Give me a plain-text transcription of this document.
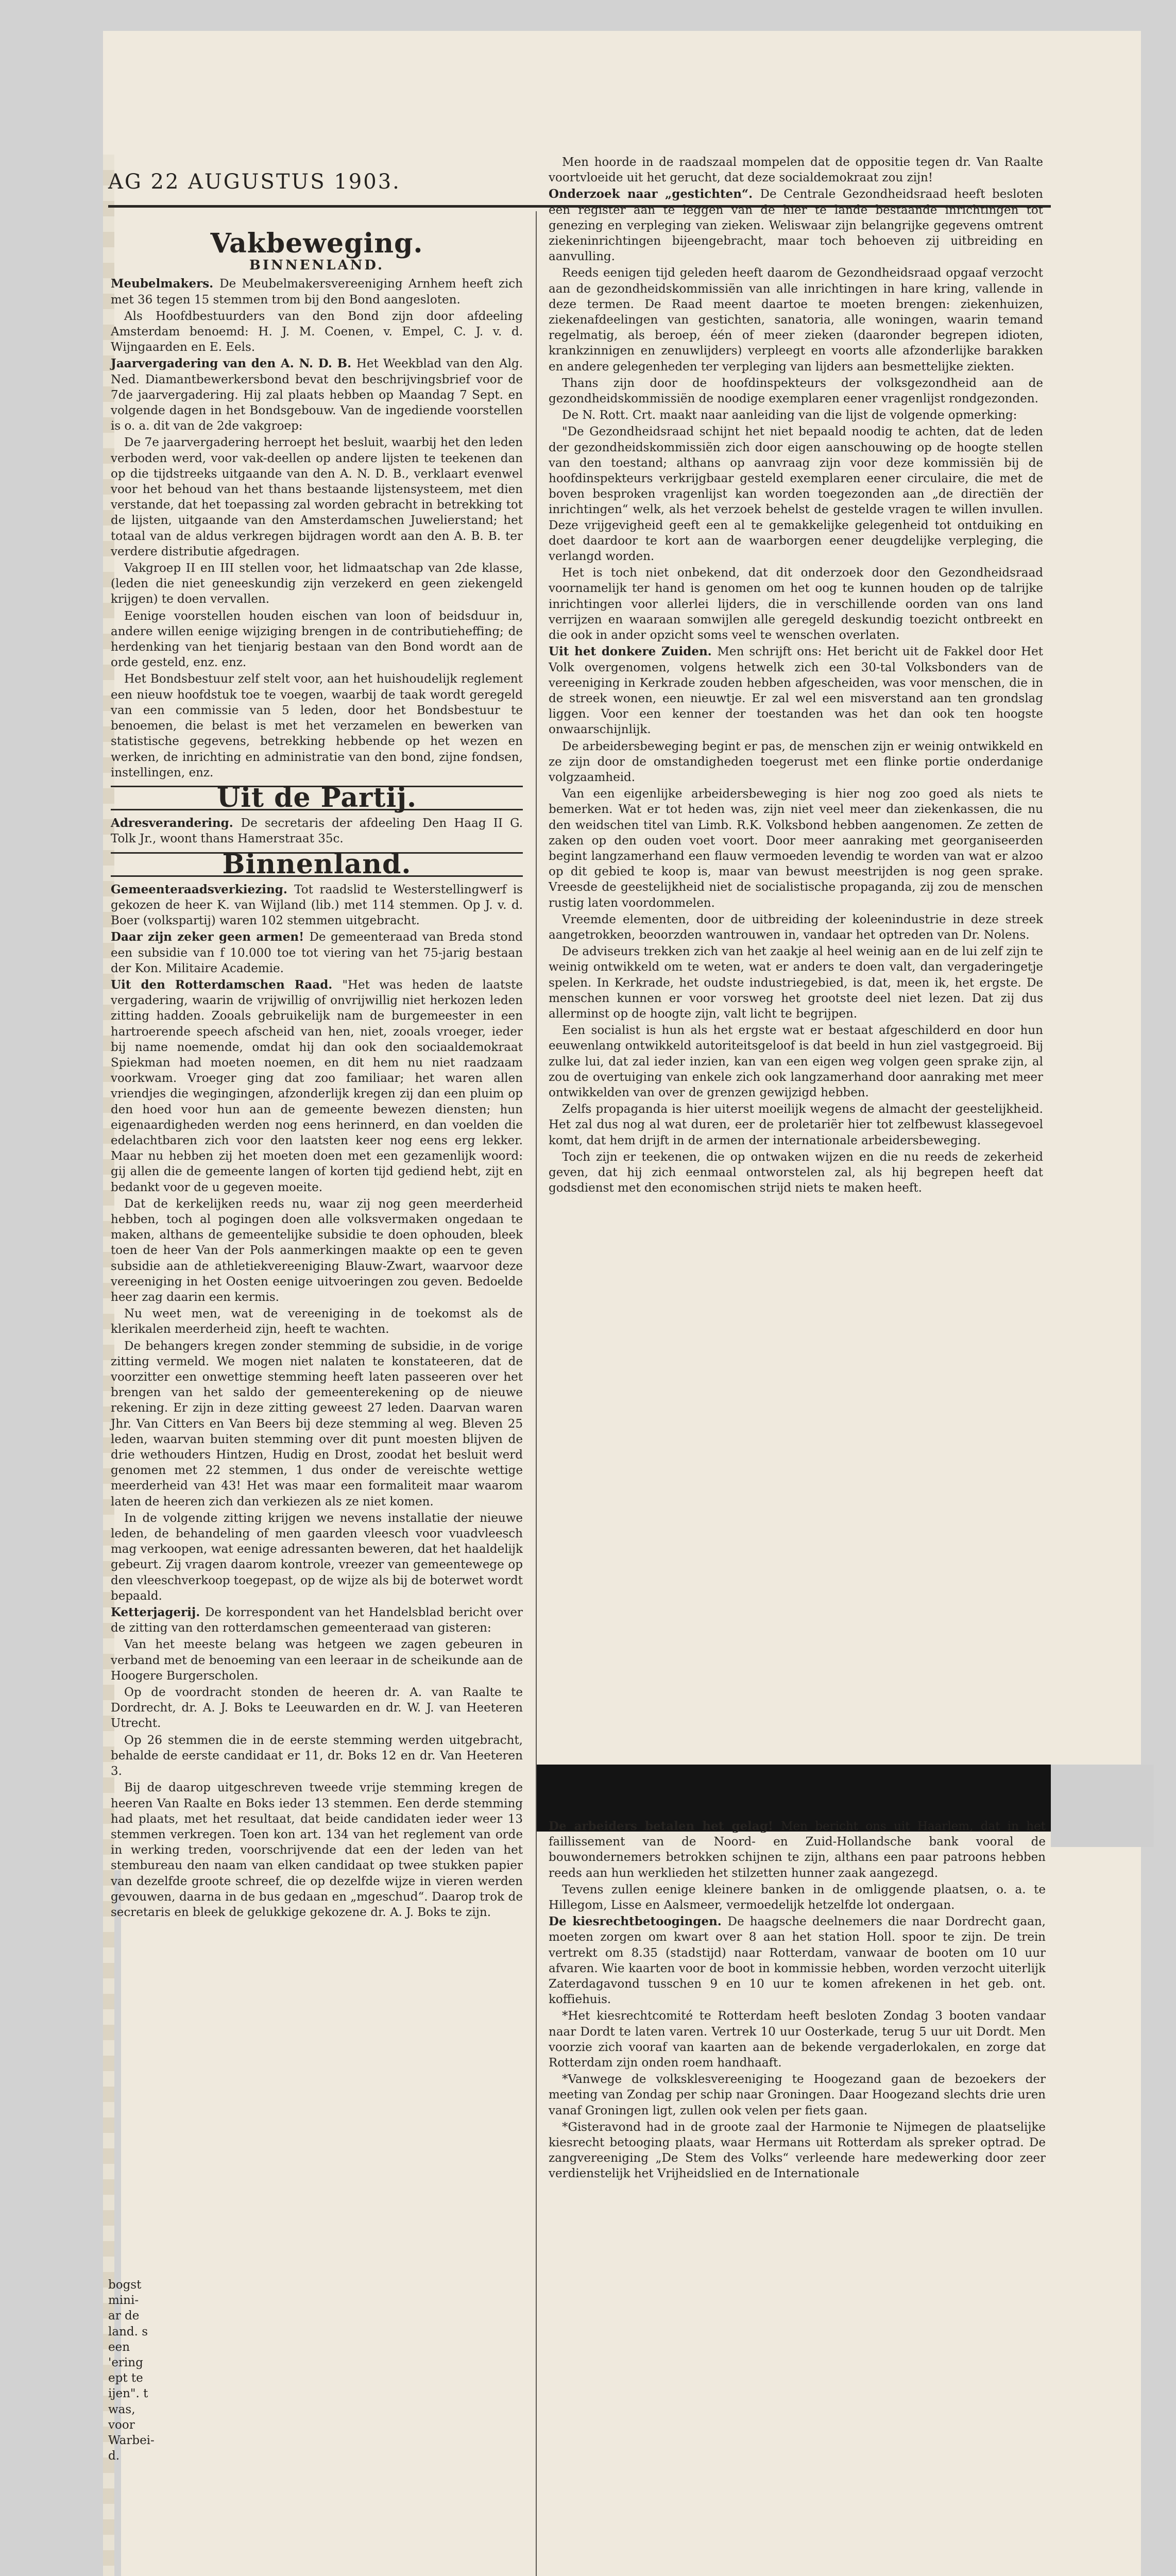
AG 22 AUGUSTUS 1903.
Vakbeweging.
BINNENLAND.

Meubelmakers. De Meubelmakersvereeniging Arnhem heeft zich met 36 tegen 15 stemmen trom bij den Bond aangesloten.

Als Hoofdbestuurders van den Bond zijn door afdeeling Amsterdam benoemd: H. J. M. Coenen, v. Empel, C. J. v. d. Wijngaarden en E. Eels.

Jaarvergadering van den A. N. D. B. Het Weekblad van den Alg. Ned. Diamantbewerkersbond bevat den beschrijvingsbrief voor de 7de jaarvergadering. Hij zal plaats hebben op Maandag 7 Sept. en volgende dagen in het Bondsgebouw. Van de ingediende voorstellen is o. a. dit van de 2de vakgroep:

De 7e jaarvergadering herroept het besluit, waarbij het den leden verboden werd, voor vak-deellen op andere lijsten te teekenen dan op die tijdstreeks uitgaande van den A. N. D. B., verklaart evenwel voor het behoud van het thans bestaande lijstensysteem, met dien verstande, dat het toepassing zal worden gebracht in betrekking tot de lijsten, uitgaande van den Amsterdamschen Juwelierstand; het totaal van de aldus verkregen bijdragen wordt aan den A. B. B. ter verdere distributie afgedragen.

Vakgroep II en III stellen voor, het lidmaatschap van 2de klasse, (leden die niet geneeskundig zijn verzekerd en geen ziekengeld krijgen) te doen vervallen.

Eenige voorstellen houden eischen van loon of beidsduur in, andere willen eenige wijziging brengen in de contributieheffing; de herdenking van het tienjarig bestaan van den Bond wordt aan de orde gesteld, enz. enz.

Het Bondsbestuur zelf stelt voor, aan het huishoudelijk reglement een nieuw hoofdstuk toe te voegen, waarbij de taak wordt geregeld van een commissie van 5 leden, door het Bondsbestuur te benoemen, die belast is met het verzamelen en bewerken van statistische gegevens, betrekking hebbende op het wezen en werken, de inrichting en administratie van den bond, zijne fondsen, instellingen, enz.

Uit de Partij.

Adresverandering. De secretaris der afdeeling Den Haag II G. Tolk Jr., woont thans Hamerstraat 35c.

Binnenland.

Gemeenteraadsverkiezing. Tot raadslid te Westerstellingwerf is gekozen de heer K. van Wijland (lib.) met 114 stemmen. Op J. v. d. Boer (volkspartij) waren 102 stemmen uitgebracht.

Daar zijn zeker geen armen! De gemeenteraad van Breda stond een subsidie van f 10.000 toe tot viering van het 75-jarig bestaan der Kon. Militaire Academie.

Uit den Rotterdamschen Raad. "Het was heden de laatste vergadering, waarin de vrijwillig of onvrijwillig niet herkozen leden zitting hadden. Zooals gebruikelijk nam de burgemeester in een hartroerende speech afscheid van hen, niet, zooals vroeger, ieder bij name noemende, omdat hij dan ook den sociaaldemokraat Spiekman had moeten noemen, en dit hem nu niet raadzaam voorkwam. Vroeger ging dat zoo familiaar; het waren allen vriendjes die wegingingen, afzonderlijk kregen zij dan een pluim op den hoed voor hun aan de gemeente bewezen diensten; hun eigenaardigheden werden nog eens herinnerd, en dan voelden die edelachtbaren zich voor den laatsten keer nog eens erg lekker. Maar nu hebben zij het moeten doen met een gezamenlijk woord: gij allen die de gemeente langen of korten tijd gediend hebt, zijt en bedankt voor de u gegeven moeite.

Dat de kerkelijken reeds nu, waar zij nog geen meerderheid hebben, toch al pogingen doen alle volksvermaken ongedaan te maken, althans de gemeentelijke subsidie te doen ophouden, bleek toen de heer Van der Pols aanmerkingen maakte op een te geven subsidie aan de athletiekvereeniging Blauw-Zwart, waarvoor deze vereeniging in het Oosten eenige uitvoeringen zou geven. Bedoelde heer zag daarin een kermis.

Nu weet men, wat de vereeniging in de toekomst als de klerikalen meerderheid zijn, heeft te wachten.

De behangers kregen zonder stemming de subsidie, in de vorige zitting vermeld. We mogen niet nalaten te konstateeren, dat de voorzitter een onwettige stemming heeft laten passeeren over het brengen van het saldo der gemeenterekening op de nieuwe rekening. Er zijn in deze zitting geweest 27 leden. Daarvan waren Jhr. Van Citters en Van Beers bij deze stemming al weg. Bleven 25 leden, waarvan buiten stemming over dit punt moesten blijven de drie wethouders Hintzen, Hudig en Drost, zoodat het besluit werd genomen met 22 stemmen, 1 dus onder de vereischte wettige meerderheid van 43! Het was maar een formaliteit maar waarom laten de heeren zich dan verkiezen als ze niet komen.

In de volgende zitting krijgen we nevens installatie der nieuwe leden, de behandeling of men gaarden vleesch voor vuadvleesch mag verkoopen, wat eenige adressanten beweren, dat het haaldelijk gebeurt. Zij vragen daarom kontrole, vreezer van gemeentewege op den vleeschverkoop toegepast, op de wijze als bij de boterwet wordt bepaald.

Ketterjagerij. De korrespondent van het Handelsblad bericht over de zitting van den rotterdamschen gemeenteraad van gisteren:

Van het meeste belang was hetgeen we zagen gebeuren in verband met de benoeming van een leeraar in de scheikunde aan de Hoogere Burgerscholen.

Op de voordracht stonden de heeren dr. A. van Raalte te Dordrecht, dr. A. J. Boks te Leeuwarden en dr. W. J. van Heeteren Utrecht.

Op 26 stemmen die in de eerste stemming werden uitgebracht, behalde de eerste candidaat er 11, dr. Boks 12 en dr. Van Heeteren 3.

Bij de daarop uitgeschreven tweede vrije stemming kregen de heeren Van Raalte en Boks ieder 13 stemmen. Een derde stemming had plaats, met het resultaat, dat beide candidaten ieder weer 13 stemmen verkregen. Toen kon art. 134 van het reglement van orde in werking treden, voorschrijvende dat een der leden van het stembureau den naam van elken candidaat op twee stukken papier van dezelfde groote schreef, die op dezelfde wijze in vieren werden gevouwen, daarna in de bus gedaan en „mgeschud“. Daarop trok de secretaris en bleek de gelukkige gekozene dr. A. J. Boks te zijn.

Men hoorde in de raadszaal mompelen dat de oppositie tegen dr. Van Raalte voortvloeide uit het gerucht, dat deze socialdemokraat zou zijn!

Onderzoek naar „gestichten“. De Centrale Gezondheidsraad heeft besloten een register aan te leggen van de hier te lande bestaande inrichtingen tot genezing en verpleging van zieken. Weliswaar zijn belangrijke gegevens omtrent ziekeninrichtingen bijeengebracht, maar toch behoeven zij uitbreiding en aanvulling.

Reeds eenigen tijd geleden heeft daarom de Gezondheidsraad opgaaf verzocht aan de gezondheidskommissiën van alle inrichtingen in hare kring, vallende in deze termen. De Raad meent daartoe te moeten brengen: ziekenhuizen, ziekenafdeelingen van gestichten, sanatoria, alle woningen, waarin temand regelmatig, als beroep, één of meer zieken (daaronder begrepen idioten, krankzinnigen en zenuwlijders) verpleegt en voorts alle afzonderlijke barakken en andere gelegenheden ter verpleging van lijders aan besmettelijke ziekten.

Thans zijn door de hoofdinspekteurs der volksgezondheid aan de gezondheidskommissiën de noodige exemplaren eener vragenlijst rondgezonden.

De N. Rott. Crt. maakt naar aanleiding van die lijst de volgende opmerking:

"De Gezondheidsraad schijnt het niet bepaald noodig te achten, dat de leden der gezondheidskommissiën zich door eigen aanschouwing op de hoogte stellen van den toestand; althans op aanvraag zijn voor deze kommissiën bij de hoofdinspekteurs verkrijgbaar gesteld exemplaren eener circulaire, die met de boven besproken vragenlijst kan worden toegezonden aan „de directiën der inrichtingen“ welk, als het verzoek behelst de gestelde vragen te willen invullen. Deze vrijgevigheid geeft een al te gemakkelijke gelegenheid tot ontduiking en doet daardoor te kort aan de waarborgen eener deugdelijke verpleging, die verlangd worden.

Het is toch niet onbekend, dat dit onderzoek door den Gezondheidsraad voornamelijk ter hand is genomen om het oog te kunnen houden op de talrijke inrichtingen voor allerlei lijders, die in verschillende oorden van ons land verrijzen en waaraan somwijlen alle geregeld deskundig toezicht ontbreekt en die ook in ander opzicht soms veel te wenschen overlaten.

Uit het donkere Zuiden. Men schrijft ons: Het bericht uit de Fakkel door Het Volk overgenomen, volgens hetwelk zich een 30-tal Volksbonders van de vereeniging in Kerkrade zouden hebben afgescheiden, was voor menschen, die in de streek wonen, een nieuwtje. Er zal wel een misverstand aan ten grondslag liggen. Voor een kenner der toestanden was het dan ook ten hoogste onwaarschijnlijk.

De arbeidersbeweging begint er pas, de menschen zijn er weinig ontwikkeld en ze zijn door de omstandigheden toegerust met een flinke portie onderdanige volgzaamheid.

Van een eigenlijke arbeidersbeweging is hier nog zoo goed als niets te bemerken. Wat er tot heden was, zijn niet veel meer dan ziekenkassen, die nu den weidschen titel van Limb. R.K. Volksbond hebben aangenomen. Ze zetten de zaken op den ouden voet voort. Door meer aanraking met georganiseerden begint langzamerhand een flauw vermoeden levendig te worden van wat er alzoo op dit gebied te koop is, maar van bewust meestrijden is nog geen sprake. Vreesde de geestelijkheid niet de socialistische propaganda, zij zou de menschen rustig laten voordommelen.

Vreemde elementen, door de uitbreiding der koleenindustrie in deze streek aangetrokken, beoorzden wantrouwen in, vandaar het optreden van Dr. Nolens.

De adviseurs trekken zich van het zaakje al heel weinig aan en de lui zelf zijn te weinig ontwikkeld om te weten, wat er anders te doen valt, dan vergaderingetje spelen. In Kerkrade, het oudste industriegebied, is dat, meen ik, het ergste. De menschen kunnen er voor vorsweg het grootste deel niet lezen. Dat zij dus allerminst op de hoogte zijn, valt licht te begrijpen.

Een socialist is hun als het ergste wat er bestaat afgeschilderd en door hun eeuwenlang ontwikkeld autoriteitsgeloof is dat beeld in hun ziel vastgegroeid. Bij zulke lui, dat zal ieder inzien, kan van een eigen weg volgen geen sprake zijn, al zou de overtuiging van enkele zich ook langzamerhand door aanraking met meer ontwikkelden van over de grenzen gewijzigd hebben.

Zelfs propaganda is hier uiterst moeilijk wegens de almacht der geestelijkheid. Het zal dus nog al wat duren, eer de proletariër hier tot zelfbewust klassegevoel komt, dat hem drijft in de armen der internationale arbeidersbeweging.

Toch zijn er teekenen, die op ontwaken wijzen en die nu reeds de zekerheid geven, dat hij zich eenmaal ontworstelen zal, als hij begrepen heeft dat godsdienst met den economischen strijd niets te maken heeft.

De arbeiders betalen het gelag! Men bericht ons uit Haarlem, dat in het faillissement van de Noord- en Zuid-Hollandsche bank vooral de bouwondernemers betrokken schijnen te zijn, althans een paar patroons hebben reeds aan hun werklieden het stilzetten hunner zaak aangezegd.

Tevens zullen eenige kleinere banken in de omliggende plaatsen, o. a. te Hillegom, Lisse en Aalsmeer, vermoedelijk hetzelfde lot ondergaan.

De kiesrechtbetoogingen. De haagsche deelnemers die naar Dordrecht gaan, moeten zorgen om kwart over 8 aan het station Holl. spoor te zijn. De trein vertrekt om 8.35 (stadstijd) naar Rotterdam, vanwaar de booten om 10 uur afvaren. Wie kaarten voor de boot in kommissie hebben, worden verzocht uiterlijk Zaterdagavond tusschen 9 en 10 uur te komen afrekenen in het geb. ont. koffiehuis.

*Het kiesrechtcomité te Rotterdam heeft besloten Zondag 3 booten vandaar naar Dordt te laten varen. Vertrek 10 uur Oosterkade, terug 5 uur uit Dordt. Men voorzie zich vooraf van kaarten aan de bekende vergaderlokalen, en zorge dat Rotterdam zijn onden roem handhaaft.

*Vanwege de volksklesvereeniging te Hoogezand gaan de bezoekers der meeting van Zondag per schip naar Groningen. Daar Hoogezand slechts drie uren vanaf Groningen ligt, zullen ook velen per fiets gaan.

*Gisteravond had in de groote zaal der Harmonie te Nijmegen de plaatselijke kiesrecht betooging plaats, waar Hermans uit Rotterdam als spreker optrad. De zangvereeniging „De Stem des Volks“ verleende hare medewerking door zeer verdienstelijk het Vrijheidslied en de Internationale

bogst mini- ar de land. s een 'ering ept te ijen". t was, voor Warbei- d.
